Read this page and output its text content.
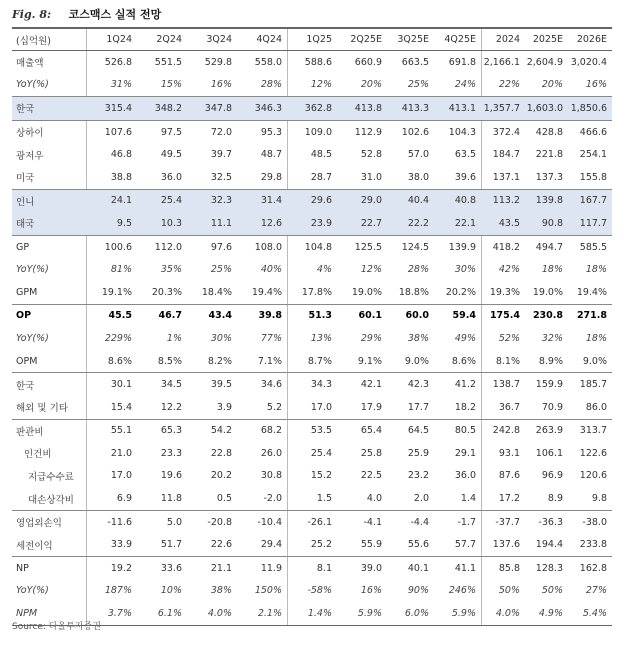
Fig. 8: 코스맥스 실적 전망
(십억원)	1Q24	2Q24	3Q24	4Q24	1Q25	2Q25E	3Q25E	4Q25E	2024	2025E	2026E
매출액	526.8	551.5	529.8	558.0	588.6	660.9	663.5	691.8 2,166.1 2,604.9 3,020.4
YoY(%)	31%	15%	16%	28%	12%	20%	25%	24%	22%	20%	16%
한국	315.4	348.2	347.8	346.3	362.8	413.8	413.3	413.1 1,357.7 1,603.0 1,850.6
상하이	107.6	97.5	72.0	95.3	109.0	112.9	102.6	104.3	372.4	428.8	466.6
광저우	46.8	49.5	39.7	48.7	48.5	52.8	57.0	63.5	184.7	221.8	254.1
미국	38.8	36.0	32.5	29.8	28.7	31.0	38.0	39.6	137.1	137.3	155.8
인니	24.1	25.4	32.3	31.4	29.6	29.0	40.4	40.8	113.2	139.8	167.7
태국	9.5	10.3	11.1	12.6	23.9	22.7	22.2	22.1	43.5	90.8	117.7
GP	100.6	112.0	97.6	108.0	104.8	125.5	124.5	139.9	418.2	494.7	585.5
YoY(%)	81%	35%	25%	40%	4%	12%	28%	30%	42%	18%	18%
GPM	19.1%	20.3%	18.4%	19.4%	17.8%	19.0%	18.8%	20.2%	19.3%	19.0%	19.4%
OP	45.5	46.7	43.4	39.8	51.3	60.1	60.0	59.4	175.4	230.8	271.8
YoY(%)	229%	1%	30%	77%	13%	29%	38%	49%	52%	32%	18%
OPM	8.6%	8.5%	8.2%	7.1%	8.7%	9.1%	9.0%	8.6%	8.1%	8.9%	9.0%
한국	30.1	34.5	39.5	34.6	34.3	42.1	42.3	41.2	138.7	159.9	185.7
해외 및 기타	15.4	12.2	3.9	5.2	17.0	17.9	17.7	18.2	36.7	70.9	86.0
판관비	55.1	65.3	54.2	68.2	53.5	65.4	64.5	80.5	242.8	263.9	313.7
인건비	21.0	23.3	22.8	26.0	25.4	25.8	25.9	29.1	93.1	106.1	122.6
지급수수료	17.0	19.6	20.2	30.8	15.2	22.5	23.2	36.0	87.6	96.9	120.6
대손상각비	6.9	11.8	0.5	-2.0	1.5	4.0	2.0	1.4	17.2	8.9	9.8
영업외손익	-11.6	5.0	-20.8	-10.4	-26.1	-4.1	-4.4	-1.7	-37.7	-36.3	-38.0
세전이익	33.9	51.7	22.6	29.4	25.2	55.9	55.6	57.7	137.6	194.4	233.8
NP	19.2	33.6	21.1	11.9	8.1	39.0	40.1	41.1	85.8	128.3	162.8
YoY(%)	187%	10%	38%	150%	-58%	16%	90%	246%	50%	50%	27%
NPM	3.7%	6.1%	4.0%	2.1%	1.4%	5.9%	6.0%	5.9%	4.0%	4.9%	5.4%
Source: 다올투자증권
